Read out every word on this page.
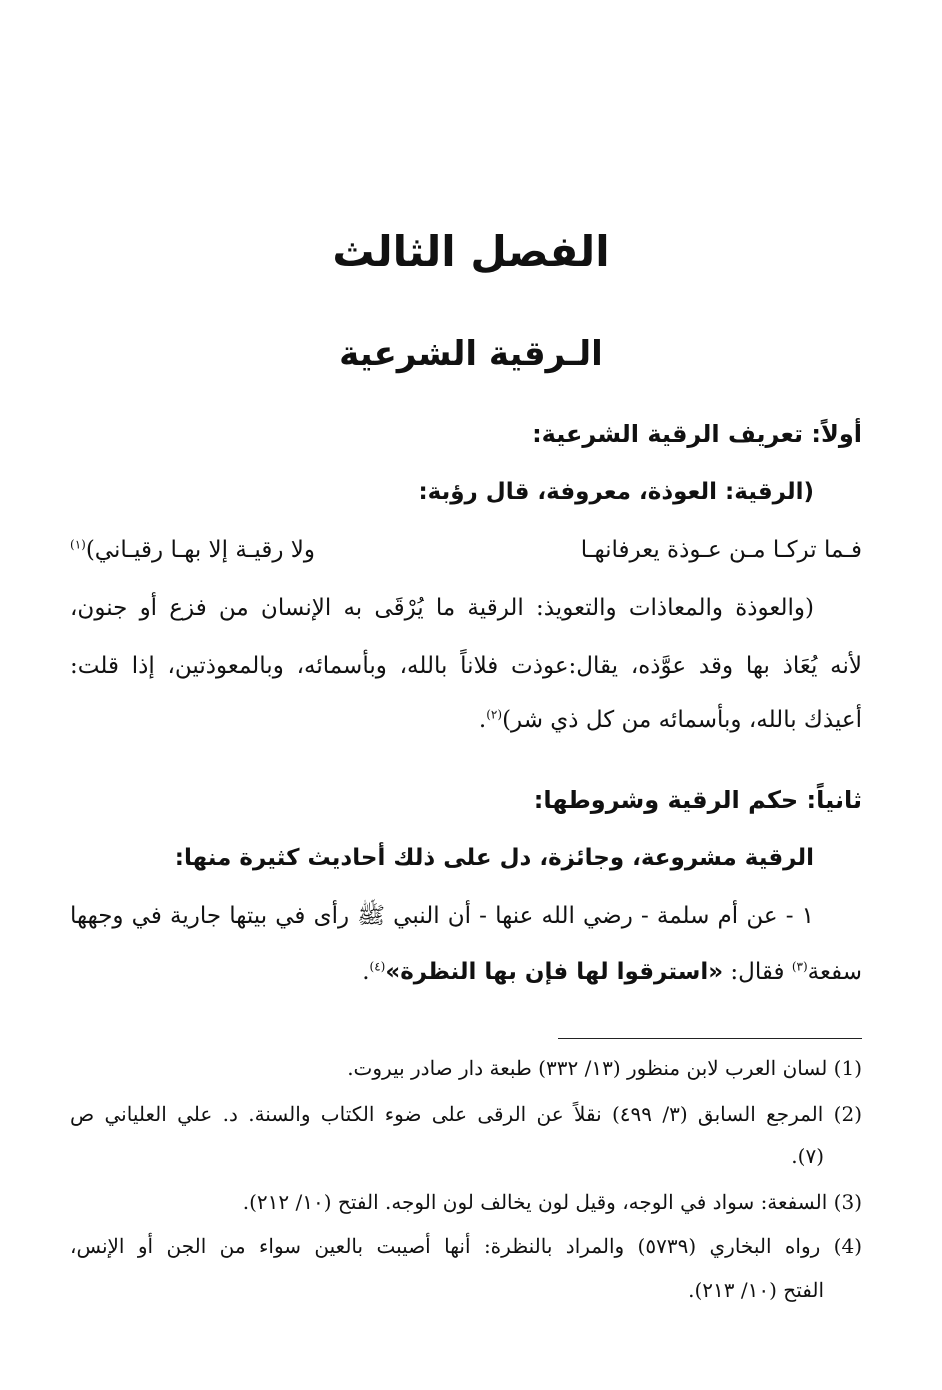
الفصل الثالث
الـرقية الشرعية
أولاً: تعريف الرقية الشرعية:
(الرقية: العوذة، معروفة، قال رؤبة:
فـما تركـا مـن عـوذة يعرفانهـا
ولا رقيـة إلا بهـا رقيـاني)$^{(١)}$
(والعوذة والمعاذات والتعويذ: الرقية ما يُرْقَى به الإنسان من فزع أو جنون،
لأنه يُعَاذ بها وقد عوَّذه، يقال:عوذت فلاناً بالله، وبأسمائه، وبالمعوذتين، إذا قلت:
أعيذك بالله، وبأسمائه من كل ذي شر)$^{(٢)}$.
ثانياً: حكم الرقية وشروطها:
الرقية مشروعة، وجائزة، دل على ذلك أحاديث كثيرة منها:
١ - عن أم سلمة - رضي الله عنها - أن النبي ﷺ رأى في بيتها جارية في وجهها
سفعة$^{(٣)}$ فقال: «استرقوا لها فإن بها النظرة»$^{(٤)}$.
(1) لسان العرب لابن منظور (١٣/ ٣٣٢) طبعة دار صادر بيروت.
(2) المرجع السابق (٣/ ٤٩٩) نقلاً عن الرقى على ضوء الكتاب والسنة. د. علي العلياني ص
(٧).
(3) السفعة: سواد في الوجه، وقيل لون يخالف لون الوجه. الفتح (١٠/ ٢١٢).
(4) رواه البخاري (٥٧٣٩) والمراد بالنظرة: أنها أصيبت بالعين سواء من الجن أو الإنس،
الفتح (١٠/ ٢١٣).
